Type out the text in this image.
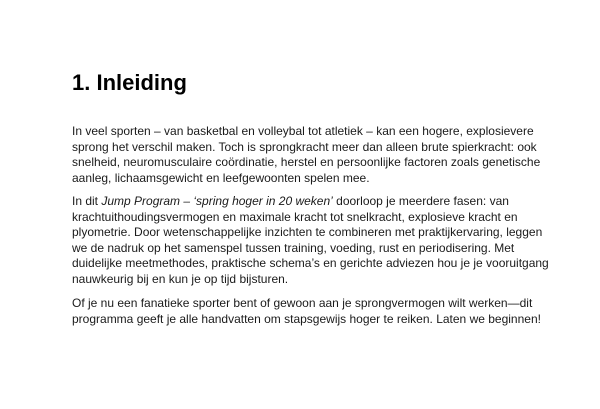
1. Inleiding

In veel sporten – van basketbal en volleybal tot atletiek – kan een hogere, explosievere
sprong het verschil maken. Toch is sprongkracht meer dan alleen brute spierkracht: ook
snelheid, neuromusculaire coördinatie, herstel en persoonlijke factoren zoals genetische
aanleg, lichaamsgewicht en leefgewoonten spelen mee.

In dit Jump Program – ‘spring hoger in 20 weken’ doorloop je meerdere fasen: van
krachtuithoudingsvermogen en maximale kracht tot snelkracht, explosieve kracht en
plyometrie. Door wetenschappelijke inzichten te combineren met praktijkervaring, leggen
we de nadruk op het samenspel tussen training, voeding, rust en periodisering. Met
duidelijke meetmethodes, praktische schema’s en gerichte adviezen hou je je vooruitgang
nauwkeurig bij en kun je op tijd bijsturen.

Of je nu een fanatieke sporter bent of gewoon aan je sprongvermogen wilt werken—dit
programma geeft je alle handvatten om stapsgewijs hoger te reiken. Laten we beginnen!
